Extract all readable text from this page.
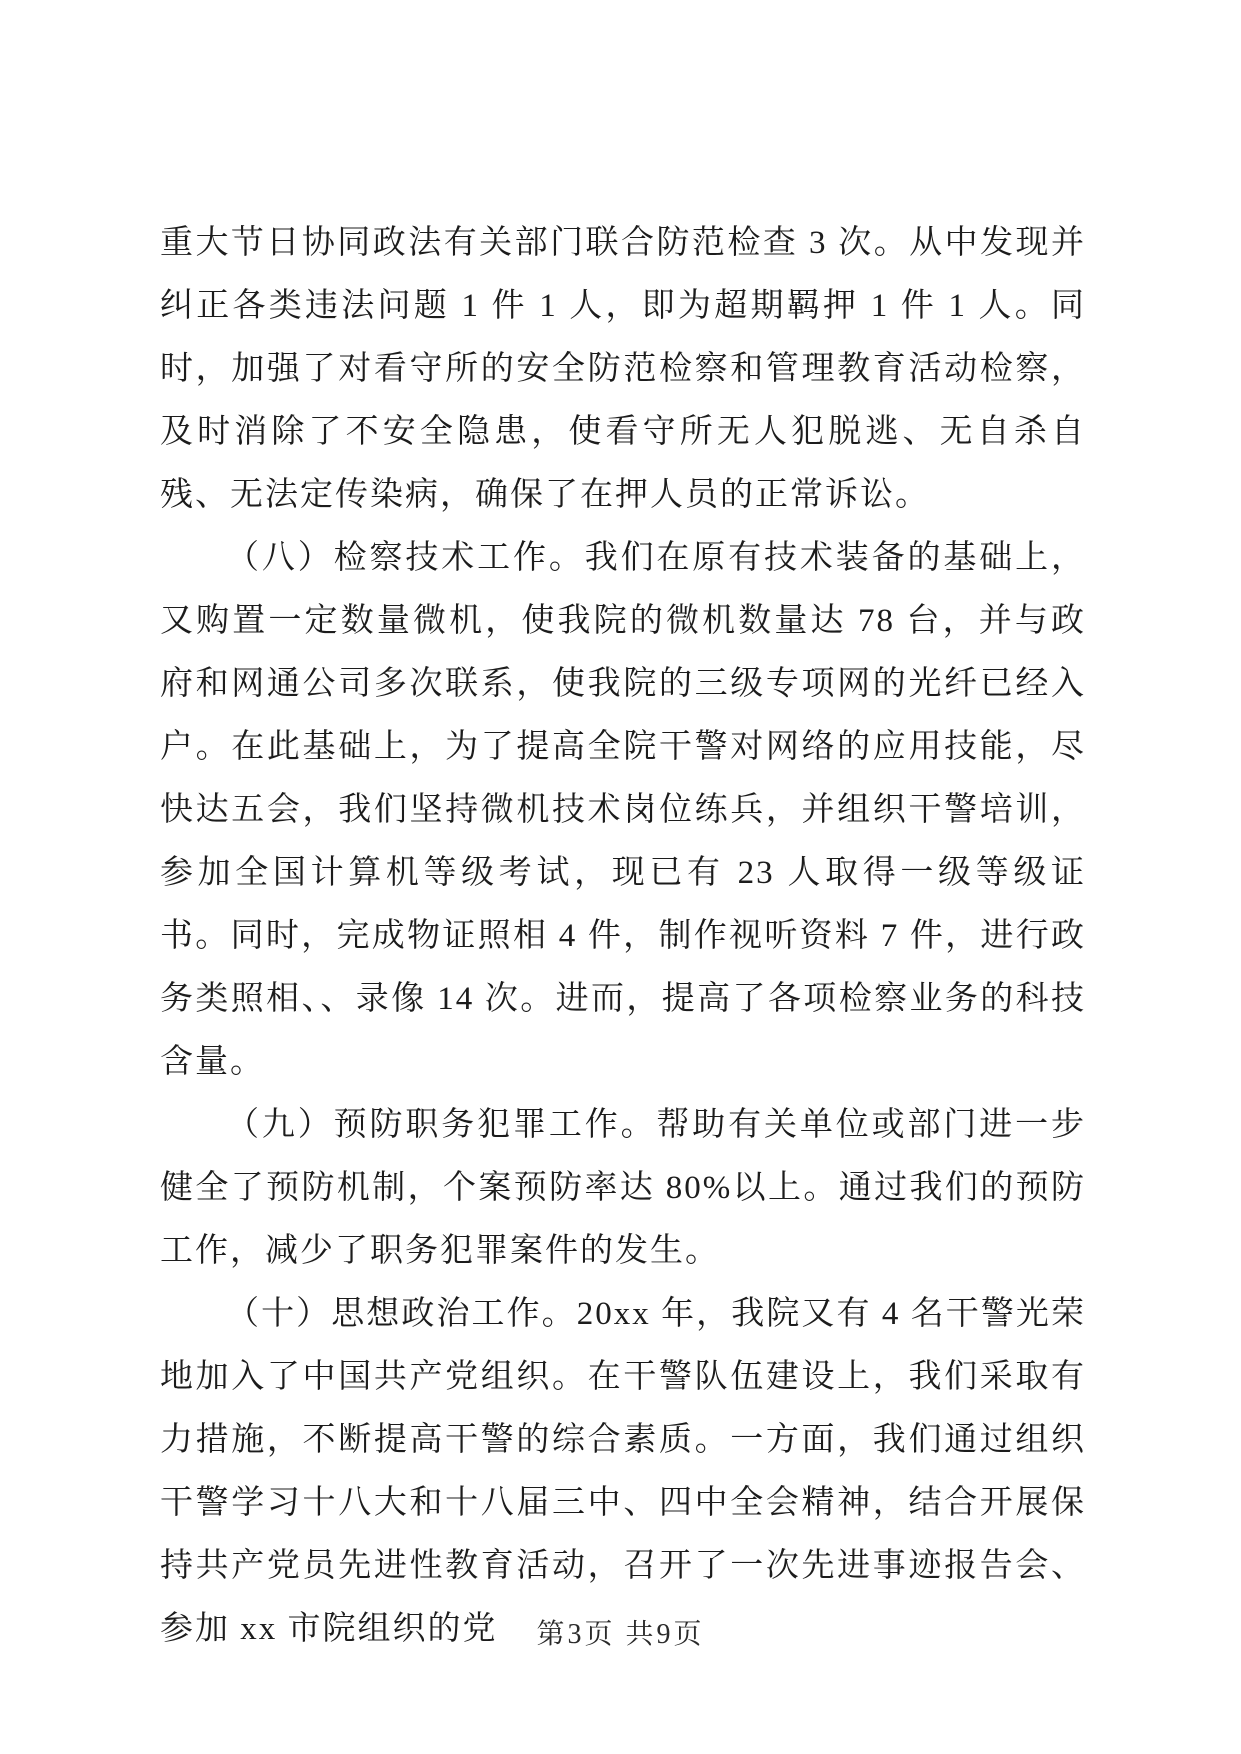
重大节日协同政法有关部门联合防范检查 3 次。从中发现并纠正各类违法问题 1 件 1 人，即为超期羁押 1 件 1 人。同时，加强了对看守所的安全防范检察和管理教育活动检察，及时消除了不安全隐患，使看守所无人犯脱逃、无自杀自残、无法定传染病，确保了在押人员的正常诉讼。

（八）检察技术工作。我们在原有技术装备的基础上，又购置一定数量微机，使我院的微机数量达 78 台，并与政府和网通公司多次联系，使我院的三级专项网的光纤已经入户。在此基础上，为了提高全院干警对网络的应用技能，尽快达五会，我们坚持微机技术岗位练兵，并组织干警培训，参加全国计算机等级考试，现已有 23 人取得一级等级证书。同时，完成物证照相 4 件，制作视听资料 7 件，进行政务类照相、、录像 14 次。进而，提高了各项检察业务的科技含量。

（九）预防职务犯罪工作。帮助有关单位或部门进一步健全了预防机制，个案预防率达 80%以上。通过我们的预防工作，减少了职务犯罪案件的发生。

（十）思想政治工作。20xx 年，我院又有 4 名干警光荣地加入了中国共产党组织。在干警队伍建设上，我们采取有力措施，不断提高干警的综合素质。一方面，我们通过组织干警学习十八大和十八届三中、四中全会精神，结合开展保持共产党员先进性教育活动，召开了一次先进事迹报告会、参加 xx 市院组织的党	第3页 共9页
